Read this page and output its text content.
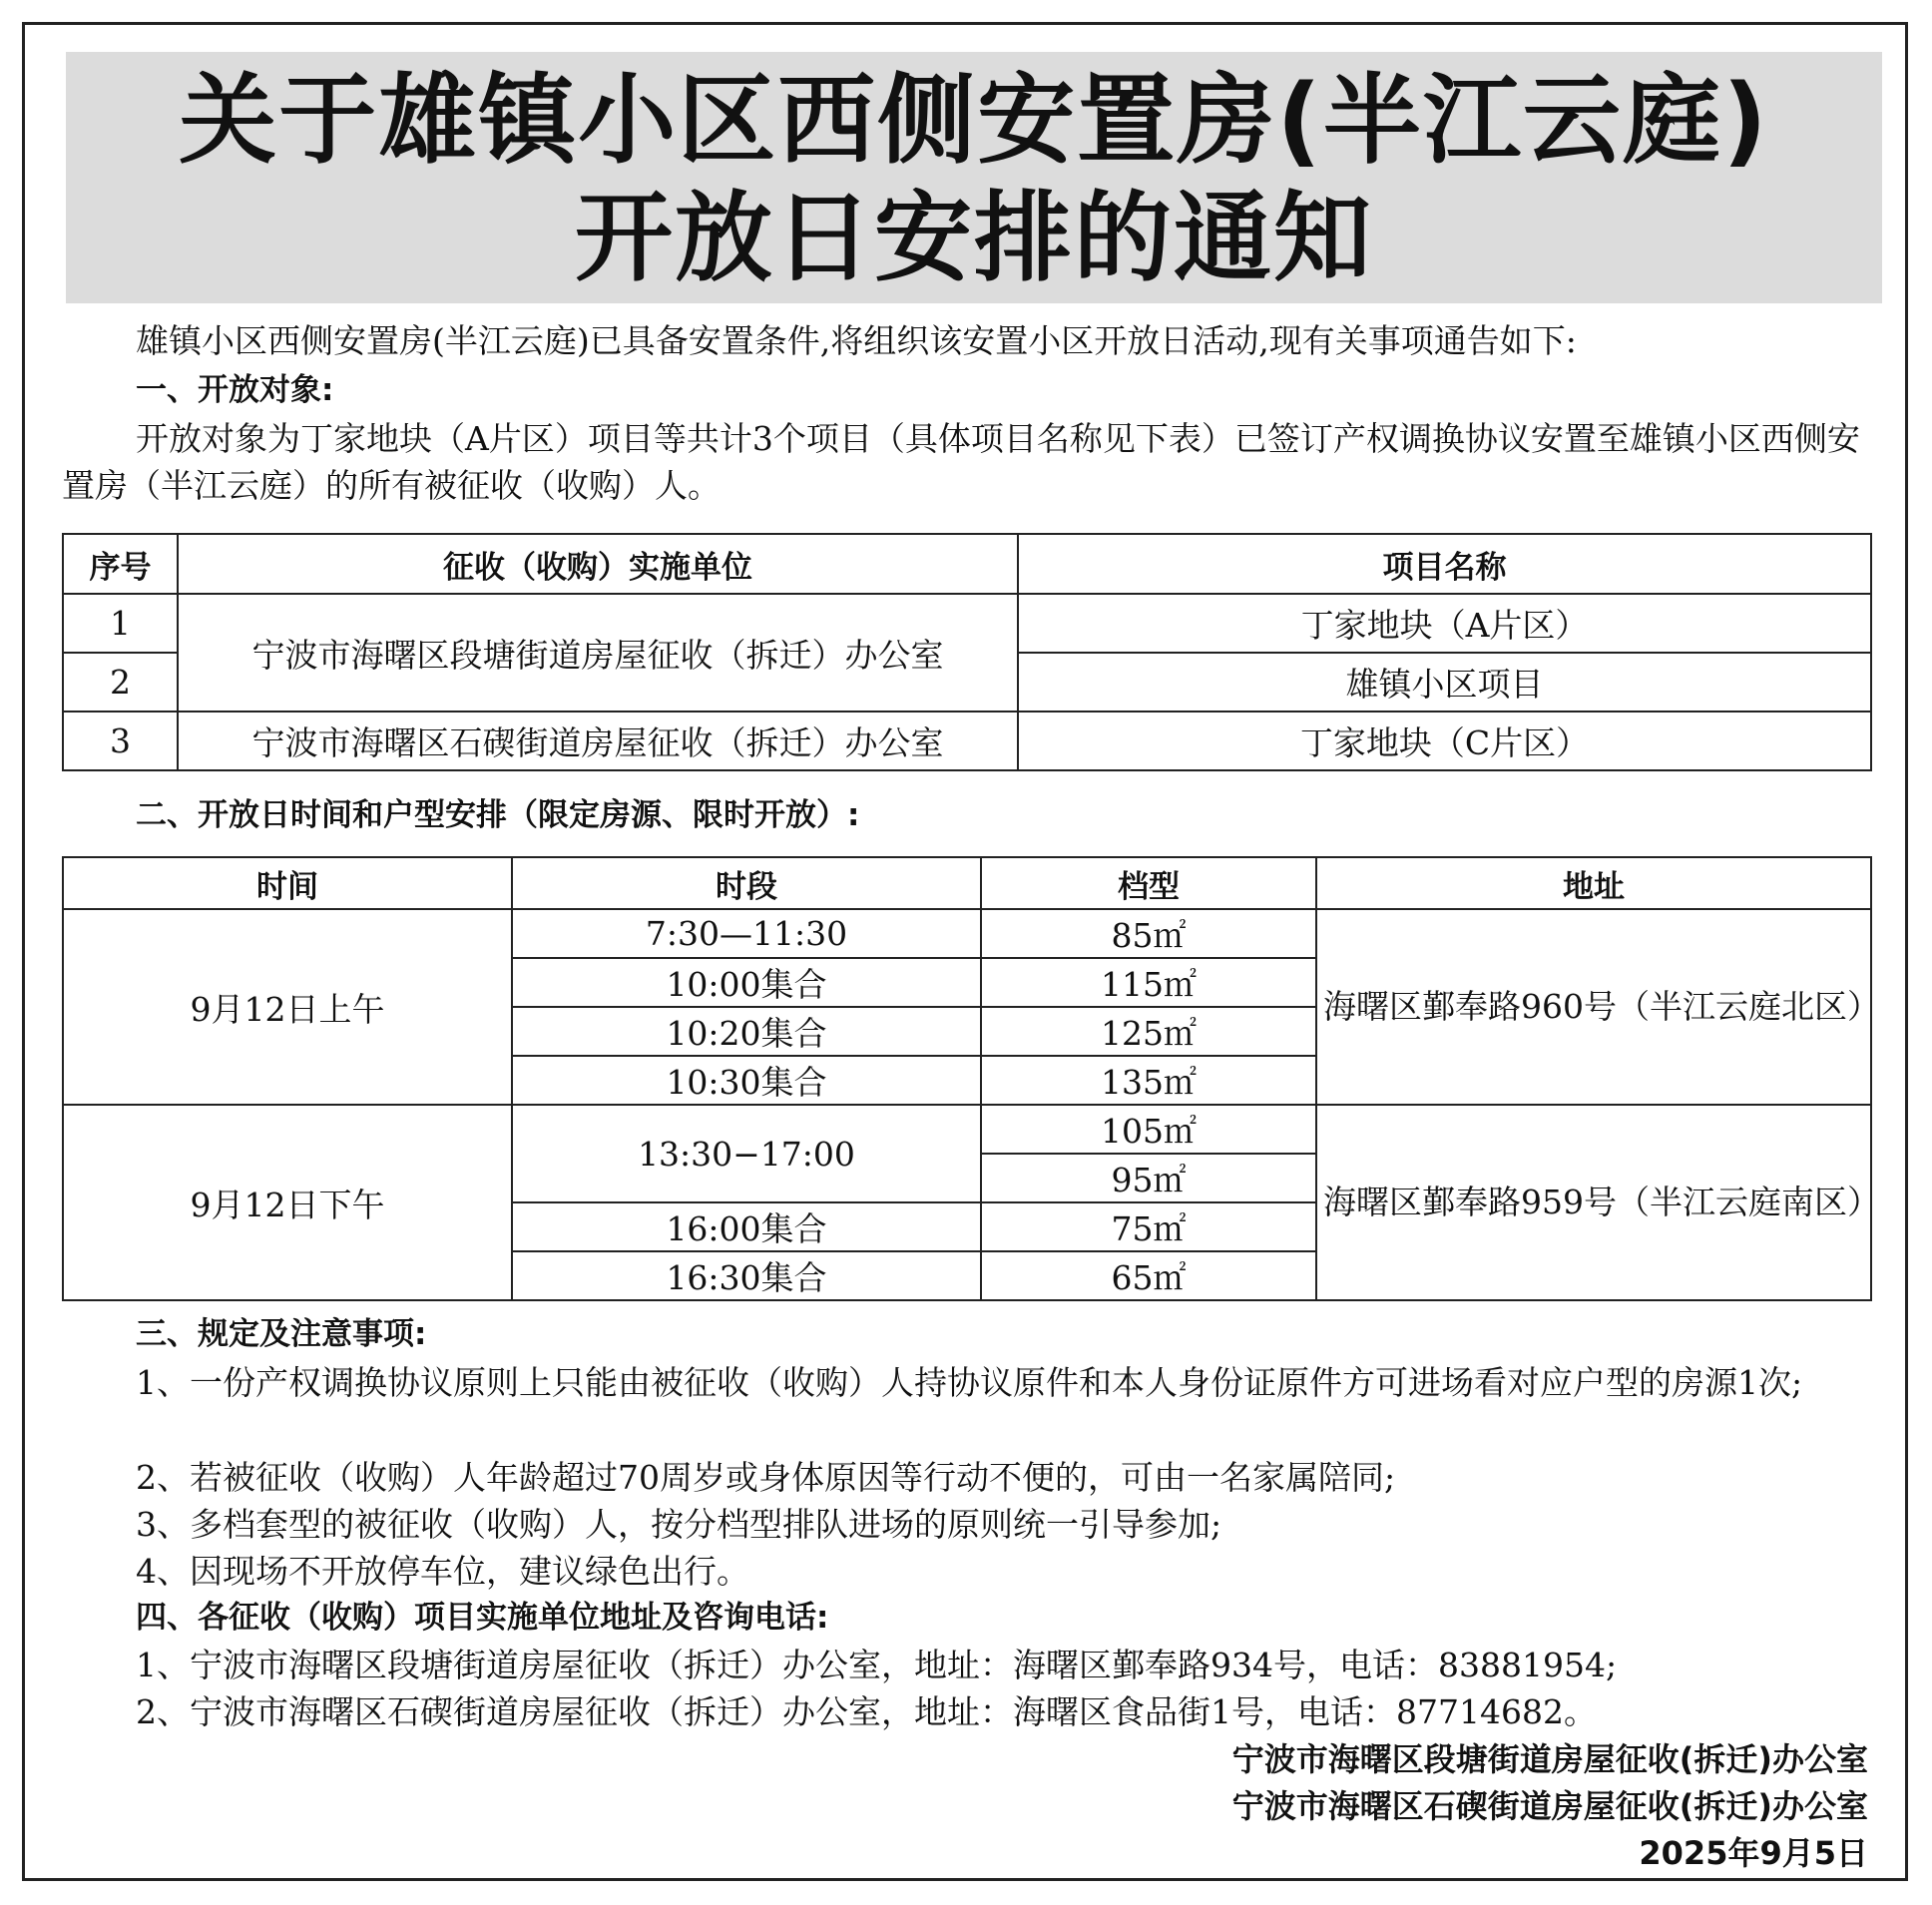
关于雄镇小区西侧安置房(半江云庭)
开放日安排的通知
雄镇小区西侧安置房(半江云庭)已具备安置条件,将组织该安置小区开放日活动,现有关事项通告如下:
一、开放对象:
开放对象为丁家地块（A片区）项目等共计3个项目（具体项目名称见下表）已签订产权调换协议安置至雄镇小区西侧安置房（半江云庭）的所有被征收（收购）人。
序号	征收（收购）实施单位	项目名称
1	宁波市海曙区段塘街道房屋征收（拆迁）办公室	丁家地块（A片区）
2		雄镇小区项目
3	宁波市海曙区石碶街道房屋征收（拆迁）办公室	丁家地块（C片区）
二、开放日时间和户型安排（限定房源、限时开放）:
时间	时段	档型	地址
9月12日上午	7:30—11:30	85㎡	海曙区鄞奉路960号（半江云庭北区）
	10:00集合	115㎡	
	10:20集合	125㎡	
	10:30集合	135㎡	
9月12日下午	13:30−17:00	105㎡	海曙区鄞奉路959号（半江云庭南区）
		95㎡	
	16:00集合	75㎡	
	16:30集合	65㎡	
三、规定及注意事项:
1、一份产权调换协议原则上只能由被征收（收购）人持协议原件和本人身份证原件方可进场看对应户型的房源1次;
2、若被征收（收购）人年龄超过70周岁或身体原因等行动不便的，可由一名家属陪同;
3、多档套型的被征收（收购）人，按分档型排队进场的原则统一引导参加;
4、因现场不开放停车位，建议绿色出行。
四、各征收（收购）项目实施单位地址及咨询电话:
1、宁波市海曙区段塘街道房屋征收（拆迁）办公室，地址：海曙区鄞奉路934号，电话：83881954;
2、宁波市海曙区石碶街道房屋征收（拆迁）办公室，地址：海曙区食品街1号，电话：87714682。
宁波市海曙区段塘街道房屋征收(拆迁)办公室
宁波市海曙区石碶街道房屋征收(拆迁)办公室
2025年9月5日
